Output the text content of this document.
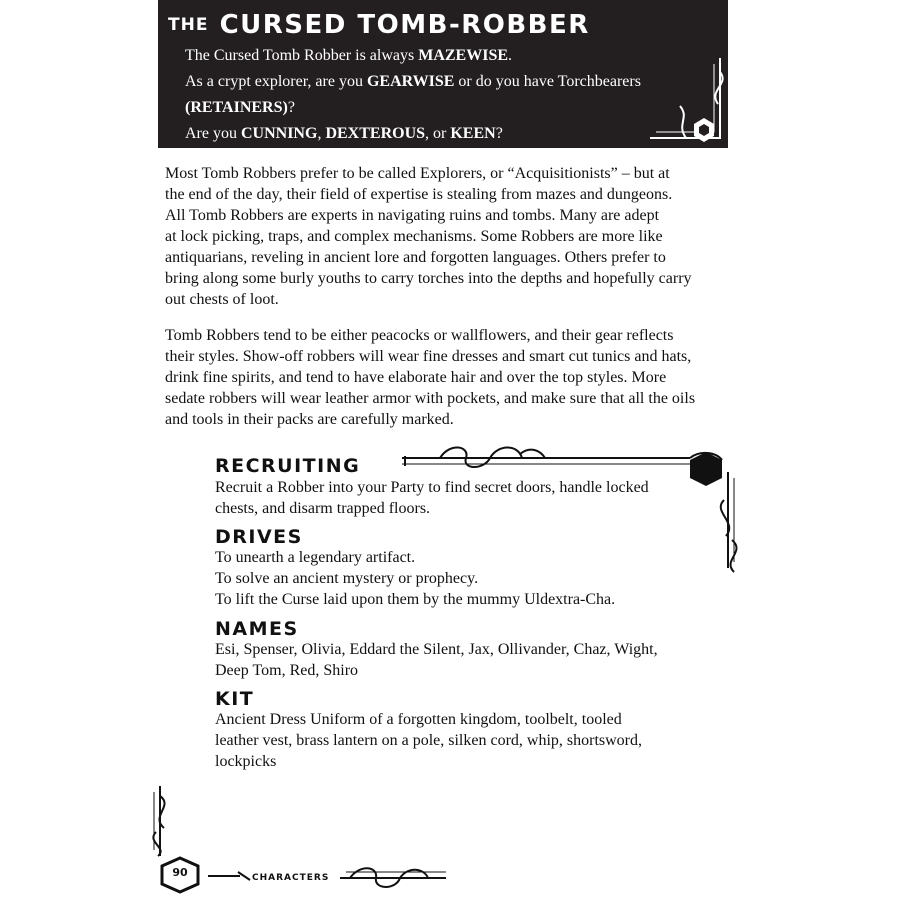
THE CURSED TOMB-ROBBER

The Cursed Tomb Robber is always MAZEWISE.

As a crypt explorer, are you GEARWISE or do you have Torchbearers

(RETAINERS)?

Are you CUNNING, DEXTEROUS, or KEEN?

Most Tomb Robbers prefer to be called Explorers, or “Acquisitionists” – but at
the end of the day, their field of expertise is stealing from mazes and dungeons.
All Tomb Robbers are experts in navigating ruins and tombs. Many are adept
at lock picking, traps, and complex mechanisms. Some Robbers are more like
antiquarians, reveling in ancient lore and forgotten languages. Others prefer to
bring along some burly youths to carry torches into the depths and hopefully carry
out chests of loot.
Tomb Robbers tend to be either peacocks or wallflowers, and their gear reflects
their styles. Show-off robbers will wear fine dresses and smart cut tunics and hats,
drink fine spirits, and tend to have elaborate hair and over the top styles. More
sedate robbers will wear leather armor with pockets, and make sure that all the oils
and tools in their packs are carefully marked.
RECRUITING
Recruit a Robber into your Party to find secret doors, handle locked
chests, and disarm trapped floors.
DRIVES
To unearth a legendary artifact.
To solve an ancient mystery or prophecy.
To lift the Curse laid upon them by the mummy Uldextra-Cha.
NAMES
Esi, Spenser, Olivia, Eddard the Silent, Jax, Ollivander, Chaz, Wight,
Deep Tom, Red, Shiro
KIT
Ancient Dress Uniform of a forgotten kingdom, toolbelt, tooled
leather vest, brass lantern on a pole, silken cord, whip, shortsword,
lockpicks
90	CHARACTERS
